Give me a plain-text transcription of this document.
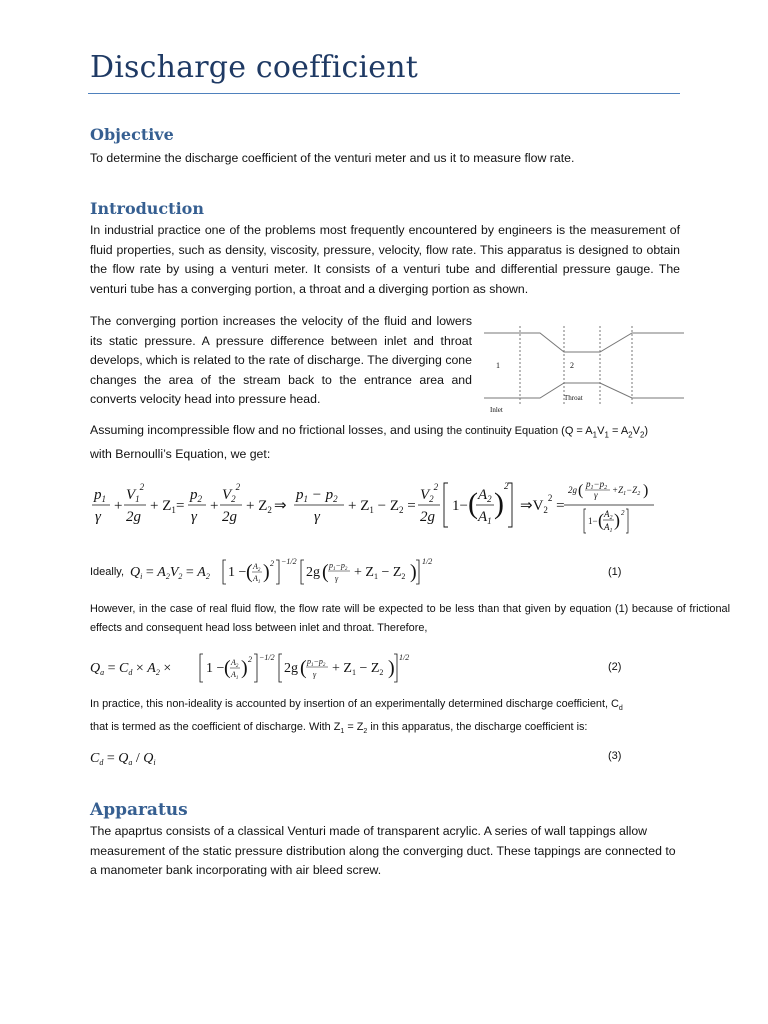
Discharge coefficient
Objective
To determine the discharge coefficient of the venturi meter and us it to measure flow rate.
Introduction
In industrial practice one of the problems most frequently encountered by engineers is the measurement of fluid properties, such as density, viscosity, pressure, velocity, flow rate. This apparatus is designed to obtain the flow rate by using a venturi meter. It consists of a venturi tube and differential pressure gauge. The venturi tube has a converging portion, a throat and a diverging portion as shown.
The converging portion increases the velocity of the fluid and lowers its static pressure. A pressure difference between inlet and throat develops, which is related to the rate of discharge. The diverging cone changes the area of the stream back to the entrance area and converts velocity head into pressure head.
1	2
Inlet
Throat
Assuming incompressible flow and no frictional losses, and using the continuity Equation $(Q = A_1V_1 = A_2V_2)$
with Bernoulli’s Equation, we get:
$p_1$
γ
+
$V_1^2$
2g
+ $Z_1$ =
$p_2$
γ
+
$V_2^2$
2g
+ $Z_2$ ⇒
$p_1 - p_2$
γ
+ $Z_1 - Z_2$ =
$V_2^2$
2g
1− ( $A_2$
$A_1$
)
2
$\Rightarrow V_2^2$ =
2g ( $p_1-p_2$
$\gamma +Z_1-Z_2$ )
1− ( $A_2$
$A_1$
) 2
Ideally, $Q_i = A_2V_2 = A_2$ 1 − ( $A_2$
$A_1$ ) 2 −1/2
2g ( $p_1-p_2$
$\gamma + Z_1 - Z_2$ ) 1/2
(1)
However, in the case of real fluid flow, the flow rate will be expected to be less than that given by equation (1) because of frictional effects and consequent head loss between inlet and throat. Therefore,
$Q_a = C_d \times A_2 \times 1$ − ( $A_2$
$A_1$ ) 2 −1/2
2g ( $p_1-p_2$
$\gamma + Z_1 - Z_2$ ) 1/2
(2)
In practice, this non-ideality is accounted by insertion of an experimentally determined discharge coefficient, $C_d$
that is termed as the coefficient of discharge. With $Z_1 = Z_2$ in this apparatus, the discharge coefficient is:
$C_d = Q_a / Q_i$
(3)
Apparatus
The apaprtus consists of a classical Venturi made of transparent acrylic. A series of wall tappings allow measurement of the static pressure distribution along the converging duct. These tappings are connected to a manometer bank incorporating with air bleed screw.
